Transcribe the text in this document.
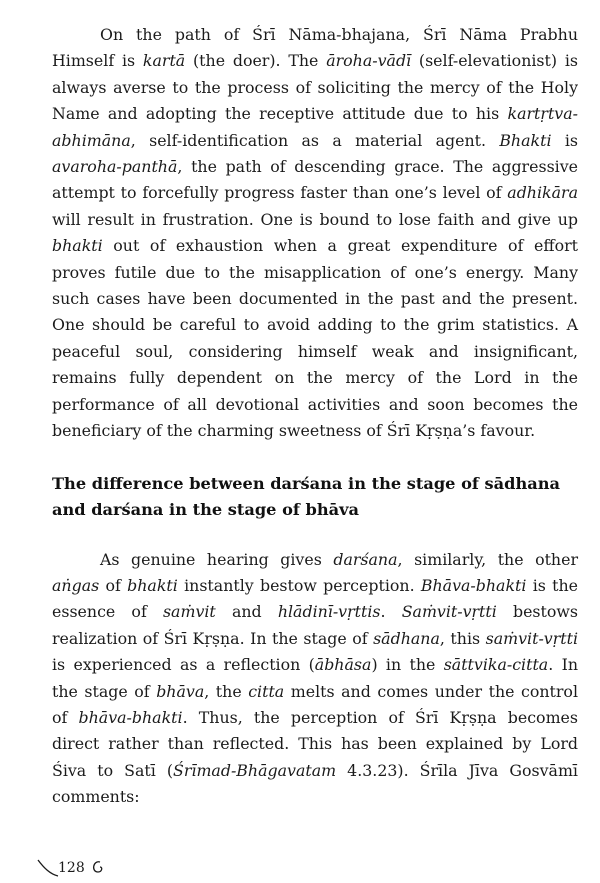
On the path of Śrī Nāma-bhajana, Śrī Nāma Prabhu Himself is kartā (the doer). The āroha-vādī (self-elevationist) is always averse to the process of soliciting the mercy of the Holy Name and adopting the receptive attitude due to his kartṛtva-abhimāna, self-identification as a material agent. Bhakti is avaroha-panthā, the path of descending grace. The aggressive attempt to forcefully progress faster than one’s level of adhikāra will result in frustration. One is bound to lose faith and give up bhakti out of exhaustion when a great expenditure of effort proves futile due to the misapplication of one’s energy. Many such cases have been documented in the past and the present. One should be careful to avoid adding to the grim statistics. A peaceful soul, considering himself weak and insignificant, remains fully dependent on the mercy of the Lord in the performance of all devotional activities and soon becomes the beneficiary of the charming sweetness of Śrī Kṛṣṇa’s favour.

The difference between darśana in the stage of sādhana and darśana in the stage of bhāva

As genuine hearing gives darśana, similarly, the other aṅgas of bhakti instantly bestow perception. Bhāva-bhakti is the essence of saṁvit and hlādinī-vṛttis. Saṁvit-vṛtti bestows realization of Śrī Kṛṣṇa. In the stage of sādhana, this saṁvit-vṛtti is experienced as a reflection (ābhāsa) in the sāttvika-citta. In the stage of bhāva, the citta melts and comes under the control of bhāva-bhakti. Thus, the perception of Śrī Kṛṣṇa becomes direct rather than reflected. This has been explained by Lord Śiva to Satī (Śrīmad-Bhāgavatam 4.3.23). Śrīla Jīva Gosvāmī comments:

128
